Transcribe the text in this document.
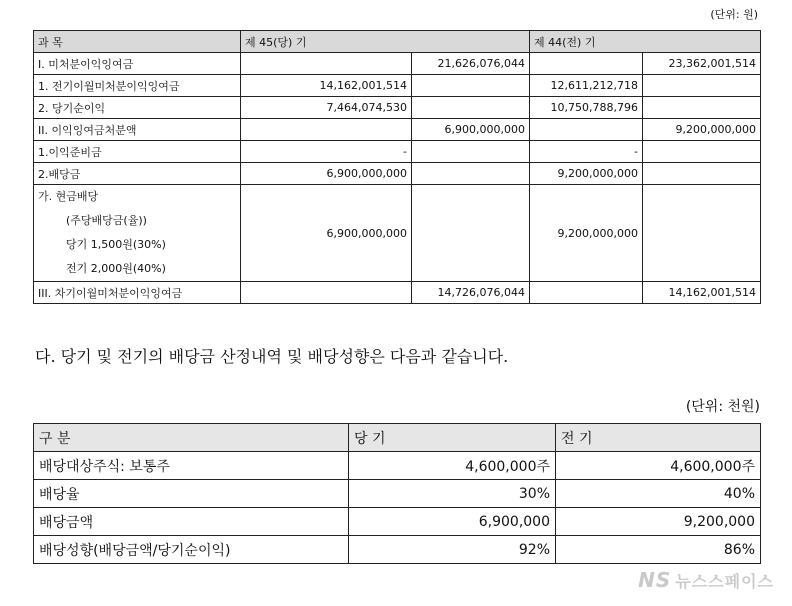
(단위: 원)
과 목	제 45(당) 기		제 44(전) 기	
I. 미처분이익잉여금		21,626,076,044		23,362,001,514
1. 전기이월미처분이익잉여금	14,162,001,514		12,611,212,718	
2. 당기순이익	7,464,074,530		10,750,788,796	
II. 이익잉여금처분액		6,900,000,000		9,200,000,000
1.이익준비금	-		-	
2.배당금	6,900,000,000		9,200,000,000	

가. 현금배당
(주당배당금(율))
당기 1,500원(30%)
전기 2,000원(40%)	6,900,000,000		9,200,000,000	
III. 차기이월미처분이익잉여금		14,726,076,044		14,162,001,514
다. 당기 및 전기의 배당금 산정내역 및 배당성향은 다음과 같습니다.
(단위: 천원)
구 분	당 기	전 기
배당대상주식: 보통주	4,600,000주	4,600,000주
배당율	30%	40%
배당금액	6,900,000	9,200,000
배당성향(배당금액/당기순이익)	92%	86%
NS 뉴스스페이스
